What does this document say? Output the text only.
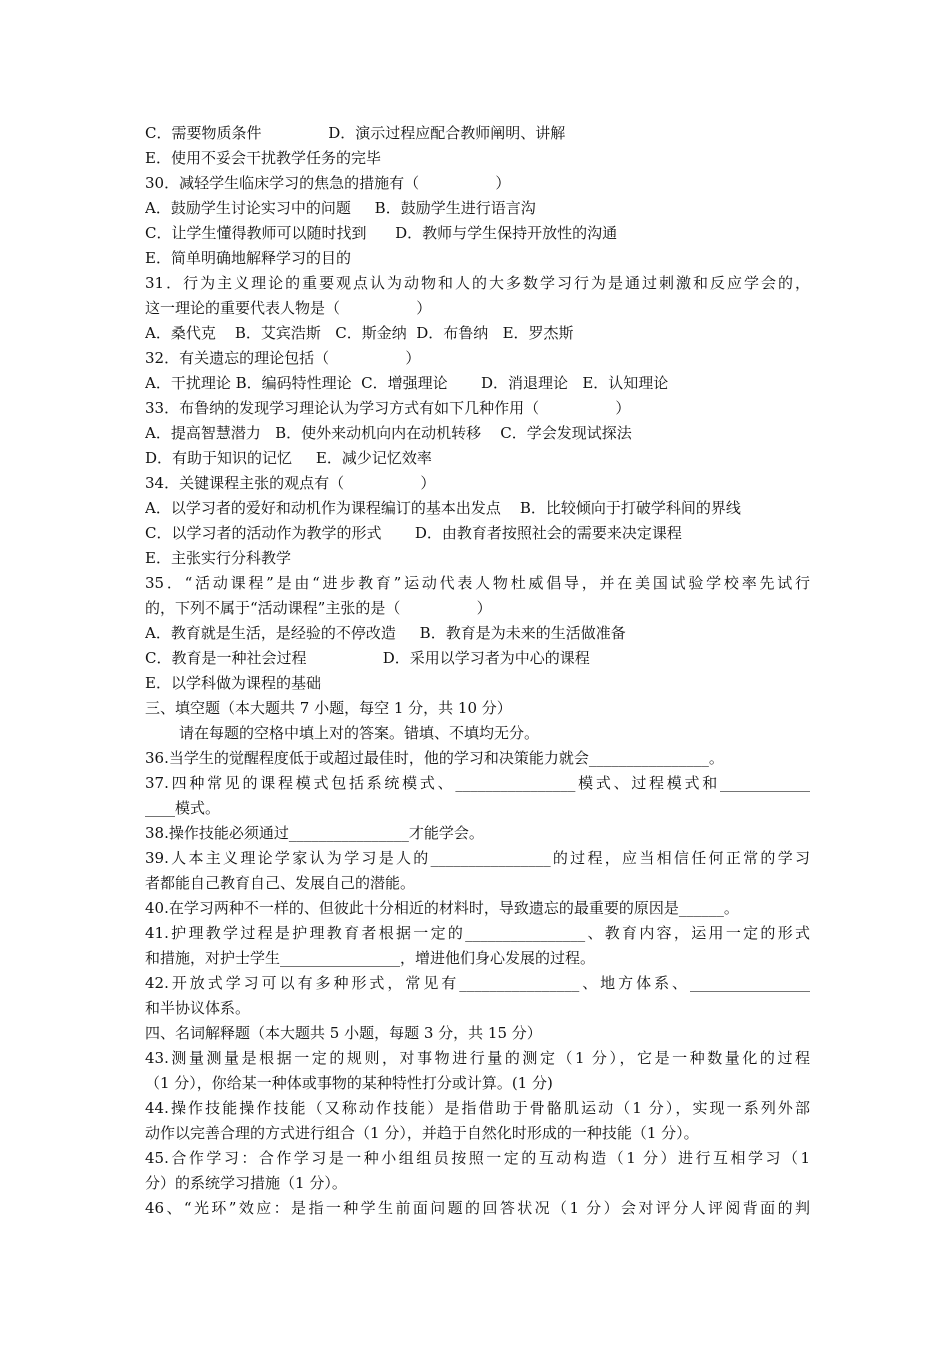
C．需要物质条件              D．演示过程应配合教师阐明、讲解
E．使用不妥会干扰教学任务的完毕
30．减轻学生临床学习的焦急的措施有（                ）
A．鼓励学生讨论实习中的问题     B．鼓励学生进行语言沟
C．让学生懂得教师可以随时找到      D．教师与学生保持开放性的沟通
E．简单明确地解释学习的目的
31．行为主义理论的重要观点认为动物和人的大多数学习行为是通过刺激和反应学会的，
这一理论的重要代表人物是（                ）
A．桑代克    B．艾宾浩斯   C．斯金纳  D．布鲁纳   E．罗杰斯
32．有关遗忘的理论包括（                ）
A．干扰理论 B．编码特性理论  C．增强理论       D．消退理论   E．认知理论
33．布鲁纳的发现学习理论认为学习方式有如下几种作用（                ）
A．提高智慧潜力   B．使外来动机向内在动机转移    C．学会发现试探法
D．有助于知识的记忆     E．减少记忆效率
34．关键课程主张的观点有（                ）
A．以学习者的爱好和动机作为课程编订的基本出发点    B．比较倾向于打破学科间的界线
C．以学习者的活动作为教学的形式       D．由教育者按照社会的需要来决定课程
E．主张实行分科教学
35．“活动课程”是由“进步教育”运动代表人物杜威倡导，并在美国试验学校率先试行
的，下列不属于“活动课程”主张的是（                ）
A．教育就是生活，是经验的不停改造     B．教育是为未来的生活做准备
C．教育是一种社会过程                D．采用以学习者为中心的课程
E．以学科做为课程的基础
三、填空题（本大题共 7 小题，每空 1 分，共 10 分）
请在每题的空格中填上对的答案。错填、不填均无分。
36.当学生的觉醒程度低于或超过最佳时，他的学习和决策能力就会________________。
37.四种常见的课程模式包括系统模式、________________模式、过程模式和____________
____模式。
38.操作技能必须通过________________才能学会。
39.人本主义理论学家认为学习是人的________________的过程，应当相信任何正常的学习
者都能自己教育自己、发展自己的潜能。
40.在学习两种不一样的、但彼此十分相近的材料时，导致遗忘的最重要的原因是______。
41.护理教学过程是护理教育者根据一定的________________、教育内容，运用一定的形式
和措施，对护士学生________________，增进他们身心发展的过程。
42.开放式学习可以有多种形式，常见有________________、地方体系、________________
和半协议体系。
四、名词解释题（本大题共 5 小题，每题 3 分，共 15 分）
43.测量测量是根据一定的规则，对事物进行量的测定（1 分），它是一种数量化的过程
（1 分），你给某一种体或事物的某种特性打分或计算。(1 分)
44.操作技能操作技能（又称动作技能）是指借助于骨骼肌运动（1 分），实现一系列外部
动作以完善合理的方式进行组合（1 分），并趋于自然化时形成的一种技能（1 分）。
45.合作学习：合作学习是一种小组组员按照一定的互动构造（1 分）进行互相学习（1
分）的系统学习措施（1 分）。
46、“光环”效应：是指一种学生前面问题的回答状况（1 分）会对评分人评阅背面的判
